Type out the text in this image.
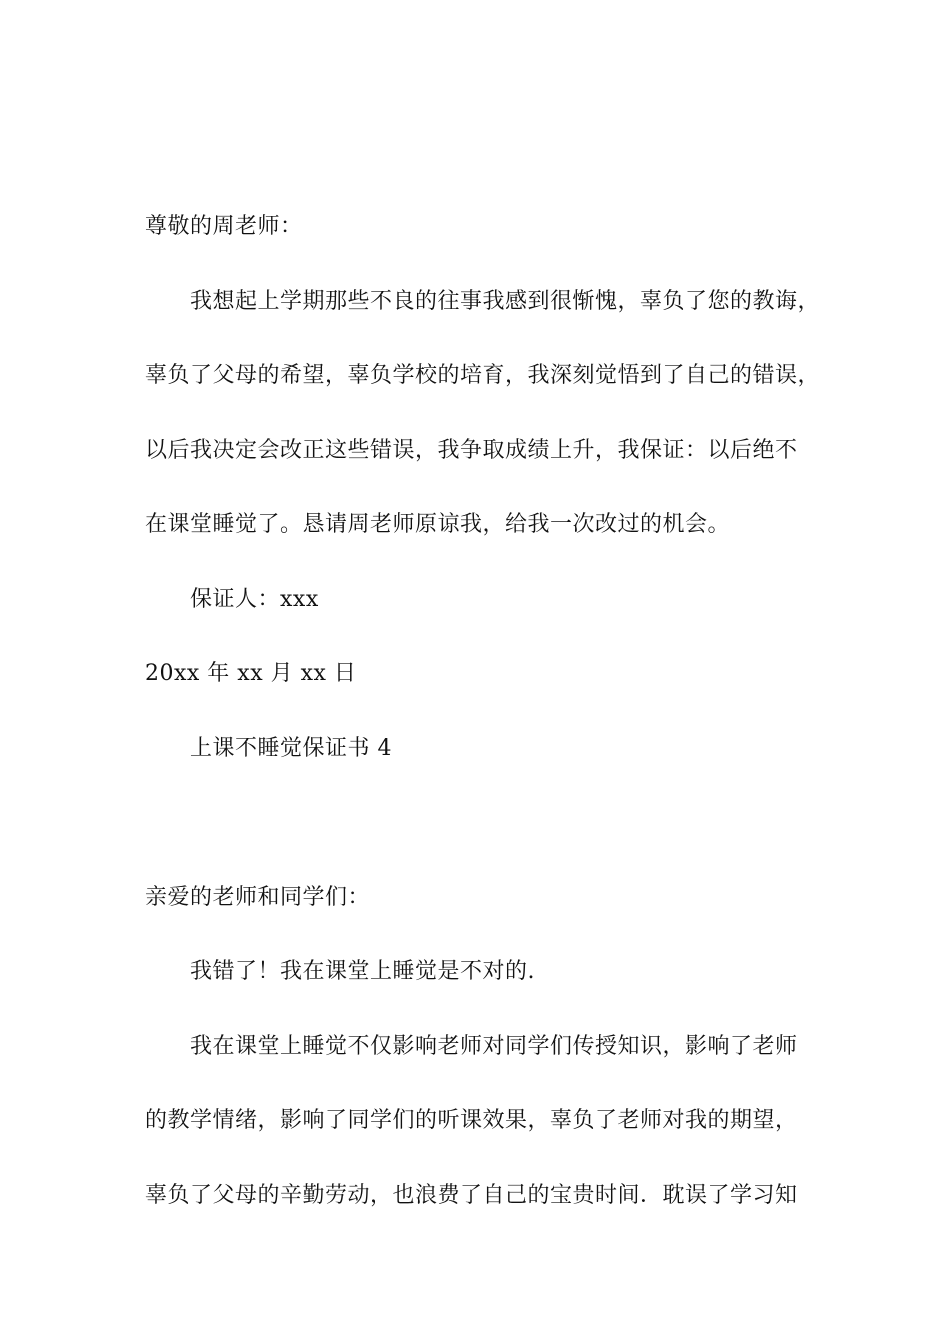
尊敬的周老师：
我想起上学期那些不良的往事我感到很惭愧，辜负了您的教诲，
辜负了父母的希望，辜负学校的培育，我深刻觉悟到了自己的错误，
以后我决定会改正这些错误，我争取成绩上升，我保证：以后绝不
在课堂睡觉了。恳请周老师原谅我，给我一次改过的机会。
保证人：xxx
20xx 年 xx 月 xx 日
上课不睡觉保证书 4
亲爱的老师和同学们：
我错了！我在课堂上睡觉是不对的.
我在课堂上睡觉不仅影响老师对同学们传授知识，影响了老师
的教学情绪，影响了同学们的听课效果，辜负了老师对我的期望，
辜负了父母的辛勤劳动，也浪费了自己的宝贵时间．耽误了学习知
